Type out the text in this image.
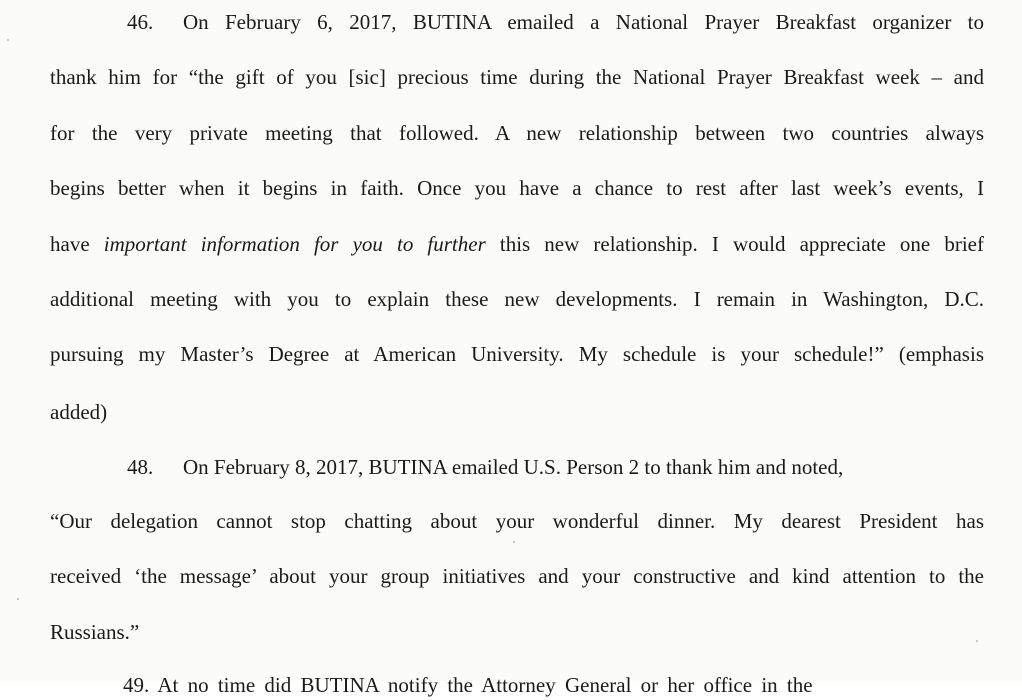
46. On February 6, 2017, BUTINA emailed a National Prayer Breakfast organizer to
thank him for “the gift of you [sic] precious time during the National Prayer Breakfast week – and
for the very private meeting that followed. A new relationship between two countries always
begins better when it begins in faith. Once you have a chance to rest after last week’s events, I
have important information for you to further this new relationship. I would appreciate one brief
additional meeting with you to explain these new developments. I remain in Washington, D.C.
pursuing my Master’s Degree at American University. My schedule is your schedule!” (emphasis
added)
48. On February 8, 2017, BUTINA emailed U.S. Person 2 to thank him and noted,
“Our delegation cannot stop chatting about your wonderful dinner. My dearest President has
received ‘the message’ about your group initiatives and your constructive and kind attention to the
Russians.”
49. At no time did BUTINA notify the Attorney General or her office in the
